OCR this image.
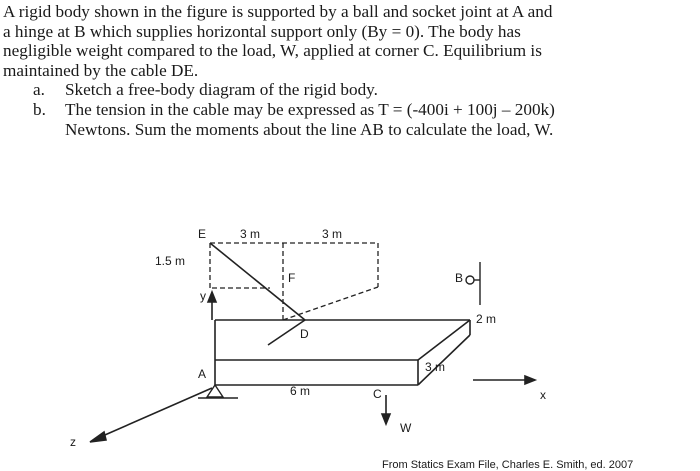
A rigid body shown in the figure is supported by a ball and socket joint at A and

a hinge at B which supplies horizontal support only (By = 0). The body has

negligible weight compared to the load, W, applied at corner C. Equilibrium is

maintained by the cable DE.

a. Sketch a free-body diagram of the rigid body.
b. The tension in the cable may be expressed as T = (-400i + 100j – 200k)
Newtons. Sum the moments about the line AB to calculate the load, W.
E
F	B
D
A
C
W
x
y
z
3 m	3 m
1.5 m
2 m
3 m
6 m
From Statics Exam File, Charles E. Smith, ed. 2007
